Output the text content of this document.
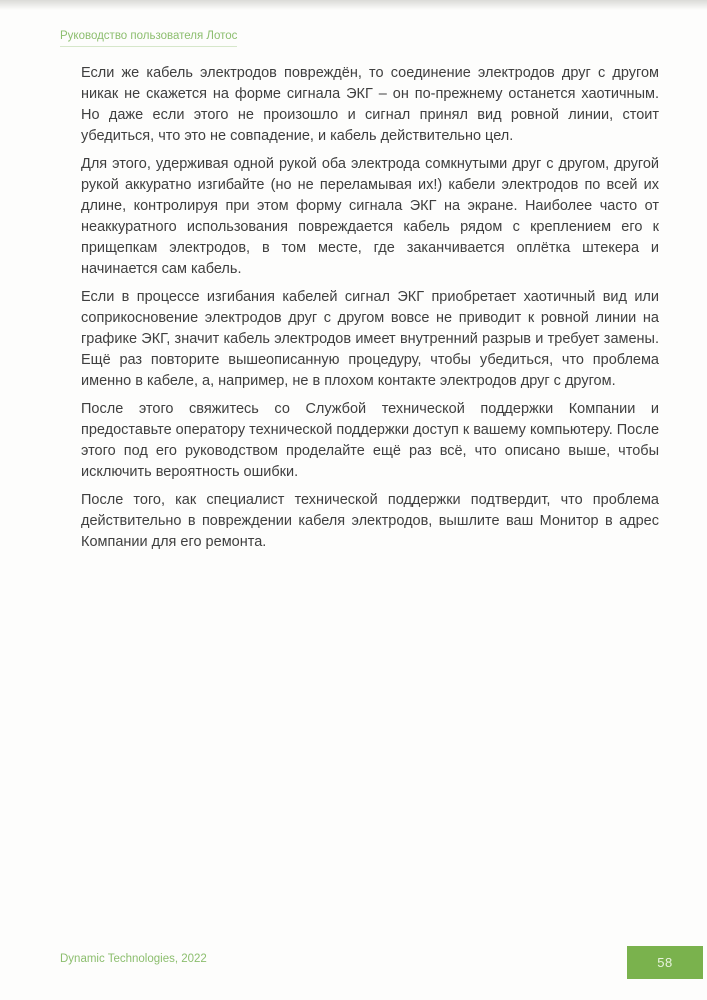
Руководство пользователя Лотос

Если же кабель электродов повреждён, то соединение электродов друг с другом никак не скажется на форме сигнала ЭКГ – он по-прежнему останется хаотичным. Но даже если этого не произошло и сигнал принял вид ровной линии, стоит убедиться, что это не совпадение, и кабель действительно цел.

Для этого, удерживая одной рукой оба электрода сомкнутыми друг с другом, другой рукой аккуратно изгибайте (но не переламывая их!) кабели электродов по всей их длине, контролируя при этом форму сигнала ЭКГ на экране. Наиболее часто от неаккуратного использования повреждается кабель рядом с креплением его к прищепкам электродов, в том месте, где заканчивается оплётка штекера и начинается сам кабель.

Если в процессе изгибания кабелей сигнал ЭКГ приобретает хаотичный вид или соприкосновение электродов друг с другом вовсе не приводит к ровной линии на графике ЭКГ, значит кабель электродов имеет внутренний разрыв и требует замены. Ещё раз повторите вышеописанную процедуру, чтобы убедиться, что проблема именно в кабеле, а, например, не в плохом контакте электродов друг с другом.

После этого свяжитесь со Службой технической поддержки Компании и предоставьте оператору технической поддержки доступ к вашему компьютеру. После этого под его руководством проделайте ещё раз всё, что описано выше, чтобы исключить вероятность ошибки.

После того, как специалист технической поддержки подтвердит, что проблема действительно в повреждении кабеля электродов, вышлите ваш Монитор в адрес Компании для его ремонта.

Dynamic Technologies, 2022	58
